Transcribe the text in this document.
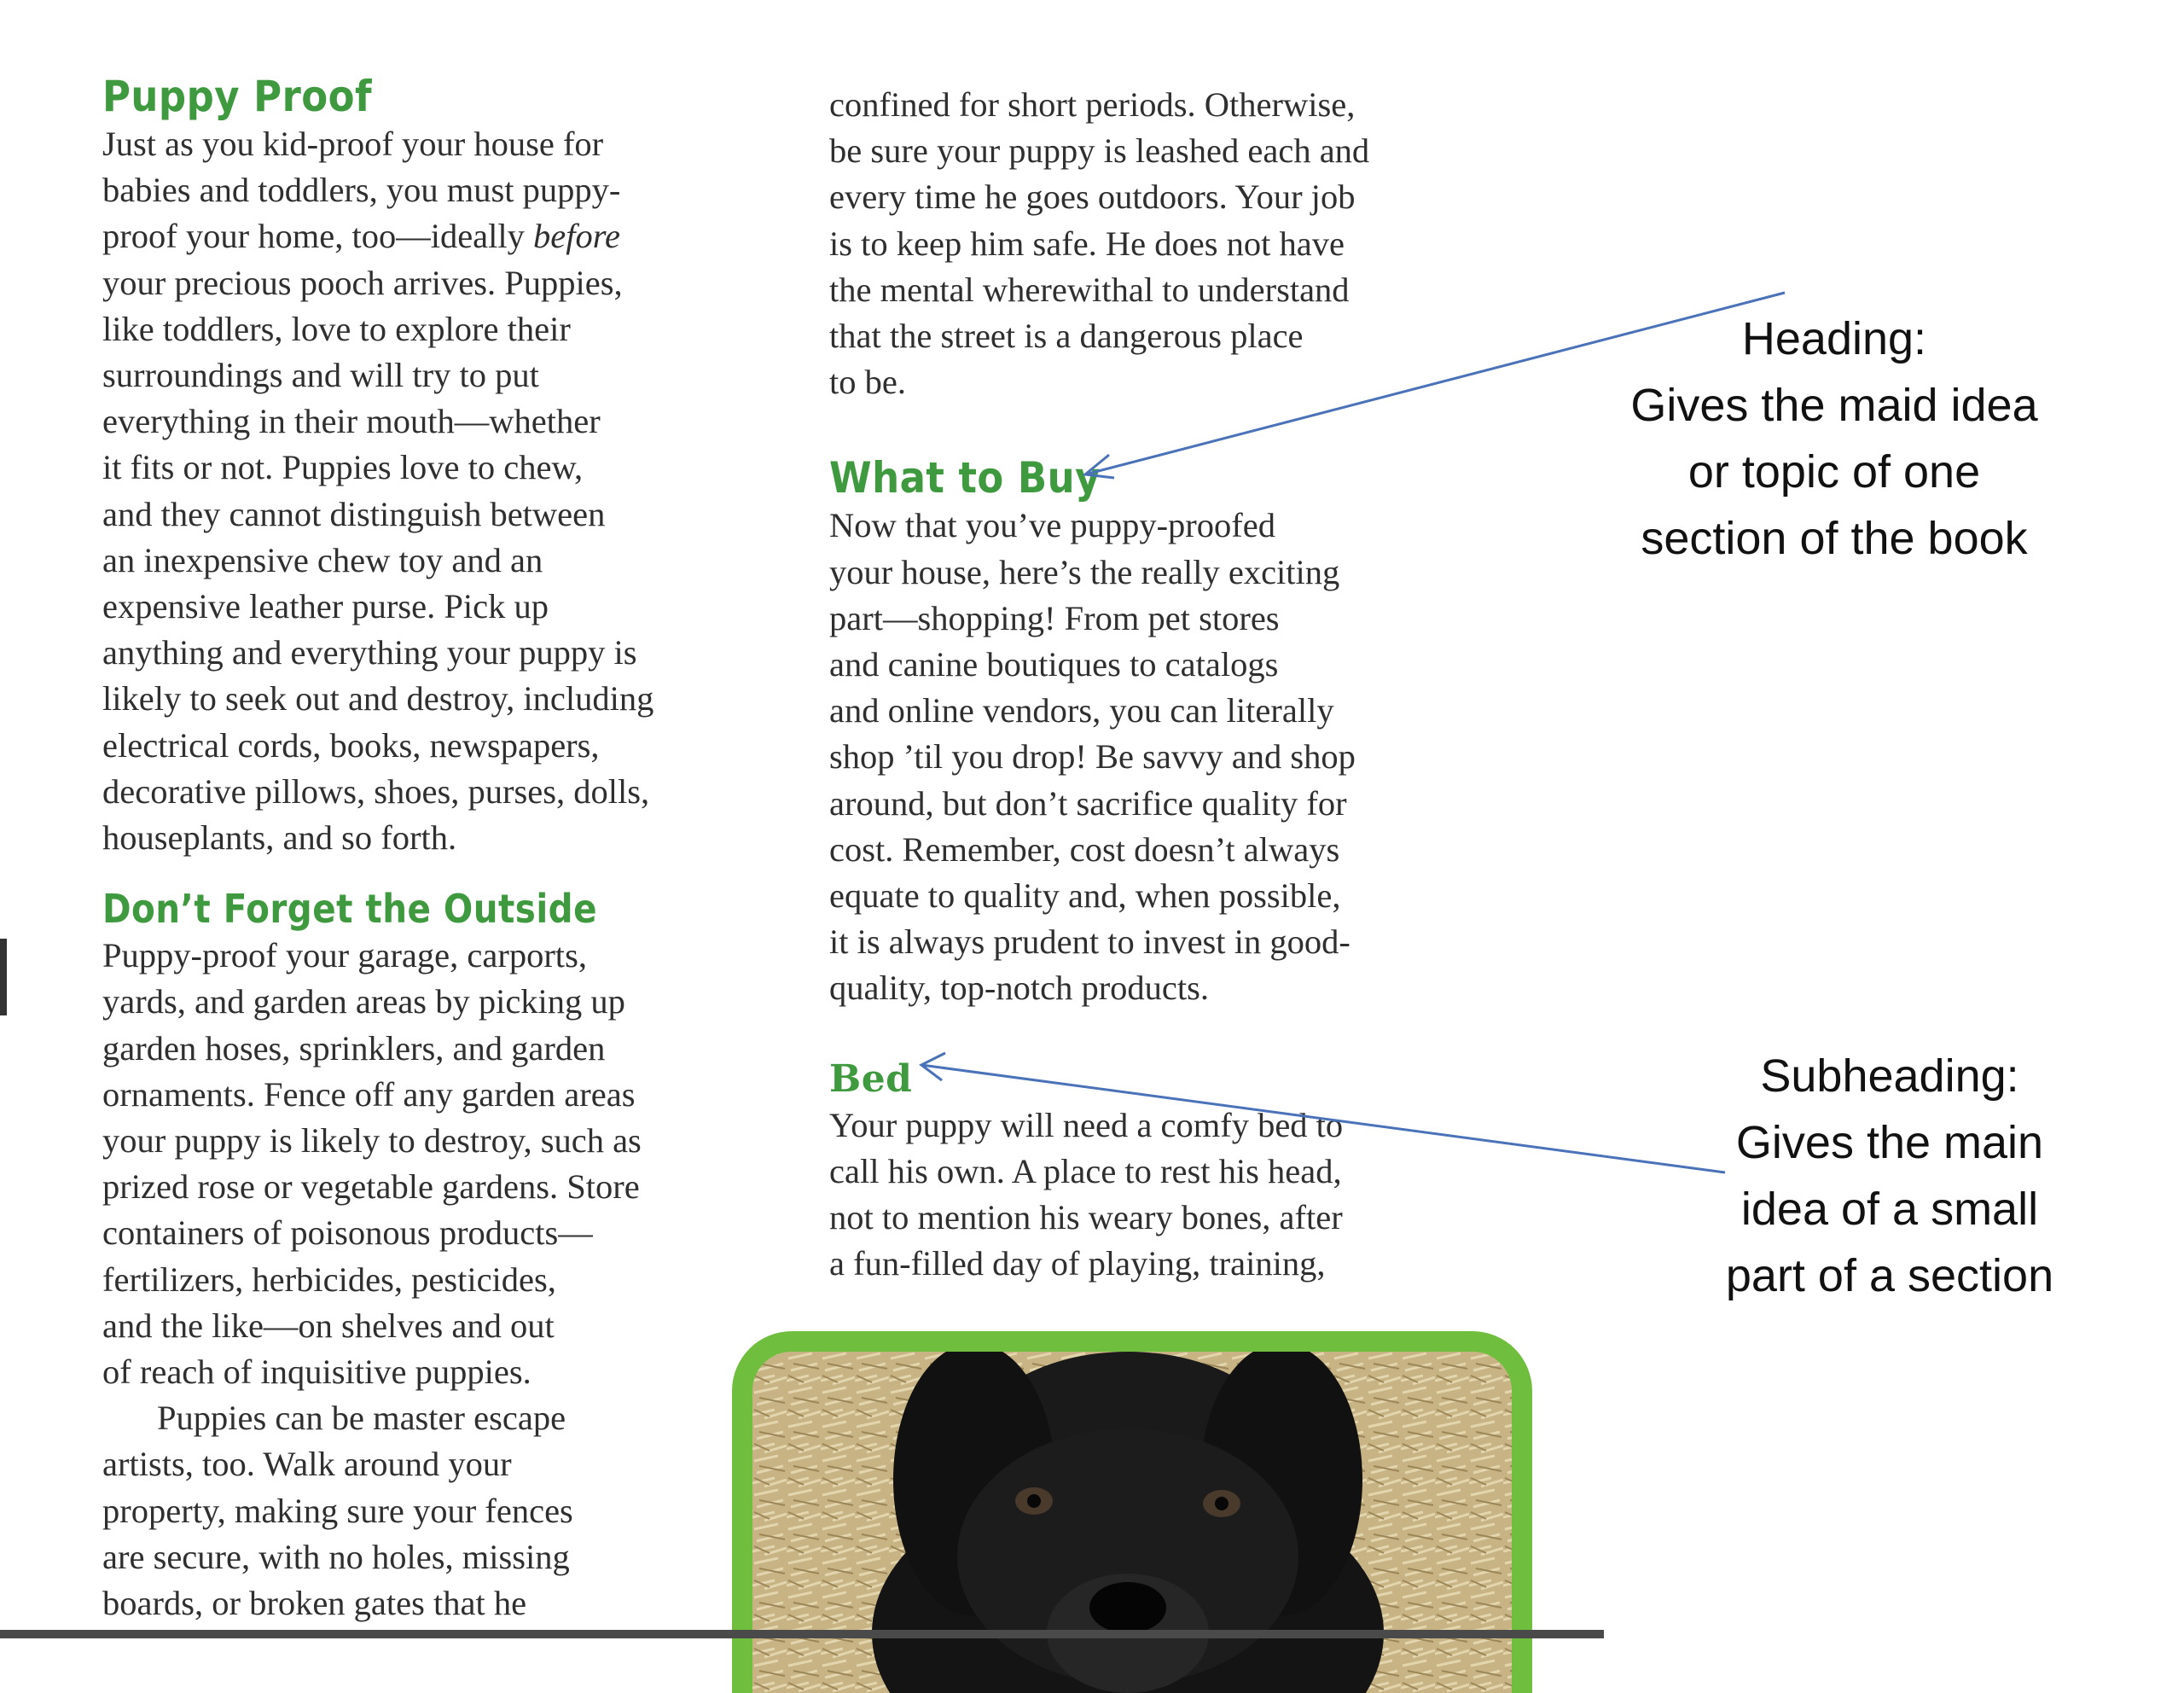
Puppy Proof

Just as you kid-proof your house for
babies and toddlers, you must puppy-
proof your home, too—ideally before
your precious pooch arrives. Puppies,
like toddlers, love to explore their
surroundings and will try to put
everything in their mouth—whether
it fits or not. Puppies love to chew,
and they cannot distinguish between
an inexpensive chew toy and an
expensive leather purse. Pick up
anything and everything your puppy is
likely to seek out and destroy, including
electrical cords, books, newspapers,
decorative pillows, shoes, purses, dolls,
houseplants, and so forth.

Don’t Forget the Outside

Puppy-proof your garage, carports,
yards, and garden areas by picking up
garden hoses, sprinklers, and garden
ornaments. Fence off any garden areas
your puppy is likely to destroy, such as
prized rose or vegetable gardens. Store
containers of poisonous products—
fertilizers, herbicides, pesticides,
and the like—on shelves and out
of reach of inquisitive puppies.
Puppies can be master escape
artists, too. Walk around your
property, making sure your fences
are secure, with no holes, missing
boards, or broken gates that he

confined for short periods. Otherwise,
be sure your puppy is leashed each and
every time he goes outdoors. Your job
is to keep him safe. He does not have
the mental wherewithal to understand
that the street is a dangerous place
to be.

What to Buy

Now that you’ve puppy-proofed
your house, here’s the really exciting
part—shopping! From pet stores
and canine boutiques to catalogs
and online vendors, you can literally
shop ’til you drop! Be savvy and shop
around, but don’t sacrifice quality for
cost. Remember, cost doesn’t always
equate to quality and, when possible,
it is always prudent to invest in good-
quality, top-notch products.

Bed

Your puppy will need a comfy bed to
call his own. A place to rest his head,
not to mention his weary bones, after
a fun-filled day of playing, training,

Heading:
Gives the maid idea
or topic of one
section of the book
Subheading:
Gives the main
idea of a small
part of a section
